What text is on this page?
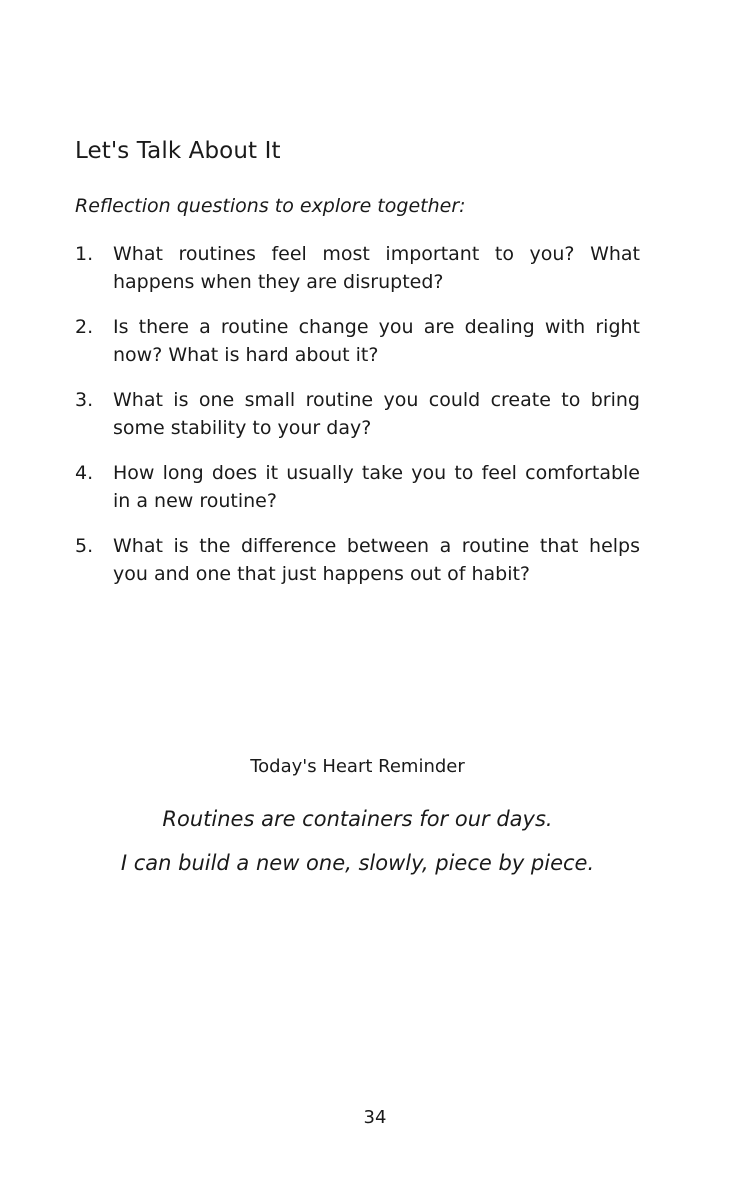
Let's Talk About It

Reflection questions to explore together:

1.	What routines feel most important to you? What happens when they are disrupted?
2.	Is there a routine change you are dealing with right now? What is hard about it?
3.	What is one small routine you could create to bring some stability to your day?
4.	How long does it usually take you to feel comfortable in a new routine?
5.	What is the difference between a routine that helps you and one that just happens out of habit?
Today's Heart Reminder
Routines are containers for our days.
I can build a new one, slowly, piece by piece.
34
